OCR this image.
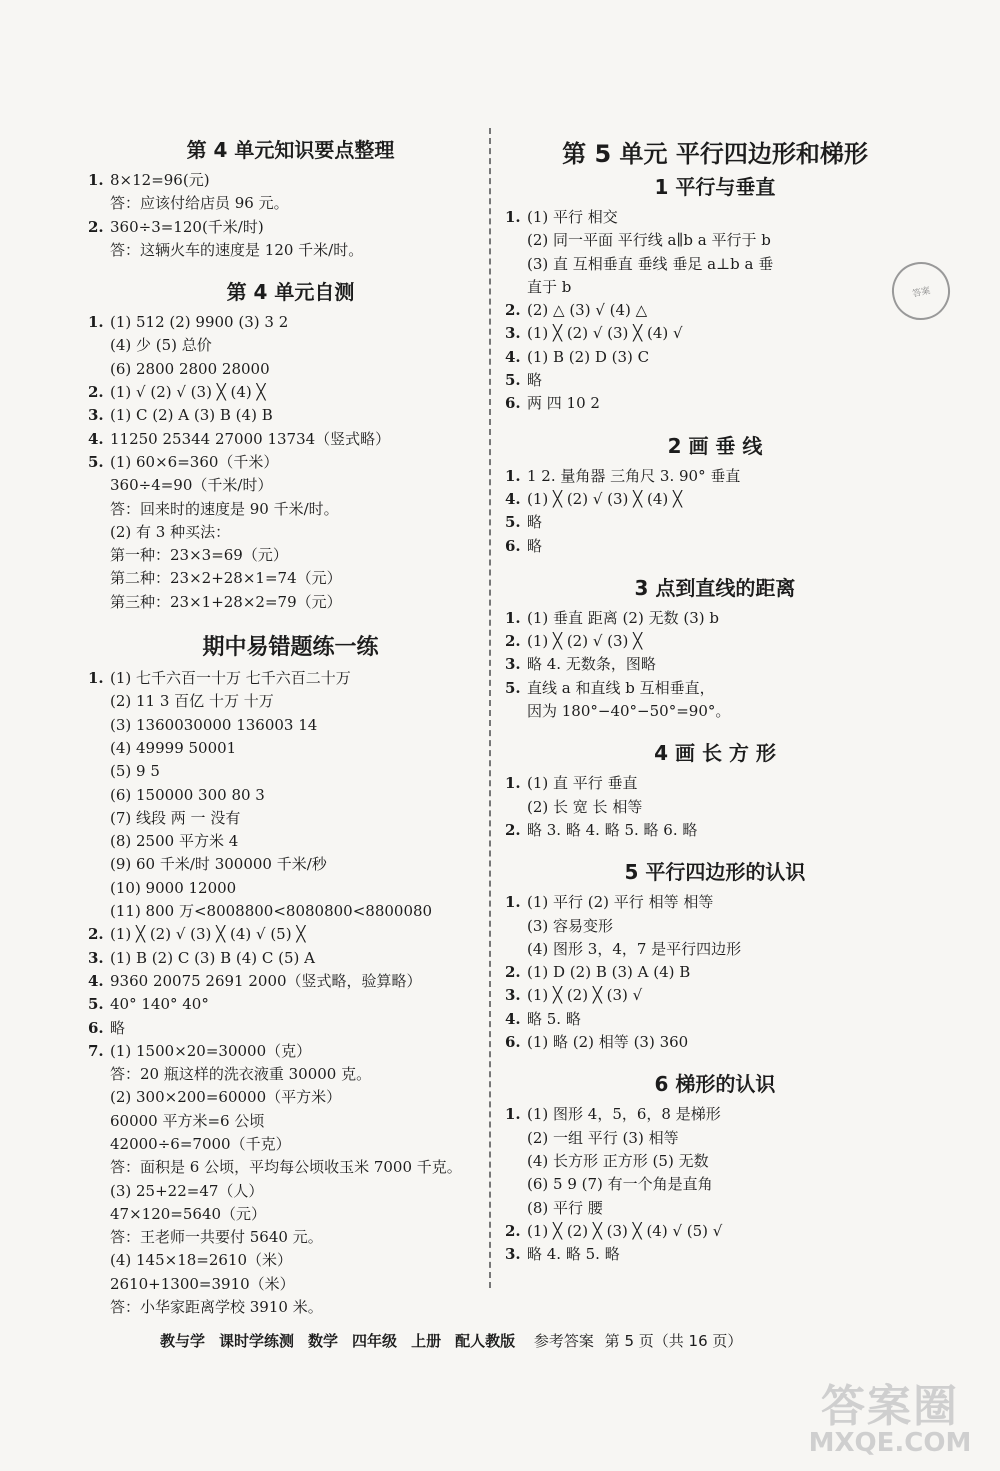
第 4 单元知识要点整理
1. 8×12=96(元)
答：应该付给店员 96 元。
2. 360÷3=120(千米/时)
答：这辆火车的速度是 120 千米/时。
第 4 单元自测
1. (1) 512 (2) 9900 (3) 3 2
(4) 少 (5) 总价
(6) 2800 2800 28000
2. (1) √ (2) √ (3) ╳ (4) ╳
3. (1) C (2) A (3) B (4) B
4. 11250 25344 27000 13734（竖式略）
5. (1) 60×6=360（千米）
360÷4=90（千米/时）
答：回来时的速度是 90 千米/时。
(2) 有 3 种买法：
第一种：23×3=69（元）
第二种：23×2+28×1=74（元）
第三种：23×1+28×2=79（元）
期中易错题练一练
1. (1) 七千六百一十万 七千六百二十万
(2) 11 3 百亿 十万 十万
(3) 1360030000 136003 14
(4) 49999 50001
(5) 9 5
(6) 150000 300 80 3
(7) 线段 两 一 没有
(8) 2500 平方米 4
(9) 60 千米/时 300000 千米/秒
(10) 9000 12000
(11) 800 万<8008800<8080800<8800080
2. (1) ╳ (2) √ (3) ╳ (4) √ (5) ╳
3. (1) B (2) C (3) B (4) C (5) A
4. 9360 20075 2691 2000（竖式略，验算略）
5. 40° 140° 40°
6. 略
7. (1) 1500×20=30000（克）
答：20 瓶这样的洗衣液重 30000 克。
(2) 300×200=60000（平方米）
60000 平方米=6 公顷
42000÷6=7000（千克）
答：面积是 6 公顷，平均每公顷收玉米 7000 千克。
(3) 25+22=47（人）
47×120=5640（元）
答：王老师一共要付 5640 元。
(4) 145×18=2610（米）
2610+1300=3910（米）
答：小华家距离学校 3910 米。
第 5 单元 平行四边形和梯形
1 平行与垂直
1. (1) 平行 相交
(2) 同一平面 平行线 a∥b a 平行于 b
(3) 直 互相垂直 垂线 垂足 a⊥b a 垂
直于 b
2. (2) △ (3) √ (4) △
3. (1) ╳ (2) √ (3) ╳ (4) √
4. (1) B (2) D (3) C
5. 略
6. 两 四 10 2
2 画 垂 线
1. 1 2. 量角器 三角尺 3. 90° 垂直
4. (1) ╳ (2) √ (3) ╳ (4) ╳
5. 略
6. 略
3 点到直线的距离
1. (1) 垂直 距离 (2) 无数 (3) b
2. (1) ╳ (2) √ (3) ╳
3. 略 4. 无数条，图略
5. 直线 a 和直线 b 互相垂直，
因为 180°−40°−50°=90°。
4 画 长 方 形
1. (1) 直 平行 垂直
(2) 长 宽 长 相等
2. 略 3. 略 4. 略 5. 略 6. 略
5 平行四边形的认识
1. (1) 平行 (2) 平行 相等 相等
(3) 容易变形
(4) 图形 3，4，7 是平行四边形
2. (1) D (2) B (3) A (4) B
3. (1) ╳ (2) ╳ (3) √
4. 略 5. 略
6. (1) 略 (2) 相等 (3) 360
6 梯形的认识
1. (1) 图形 4，5，6，8 是梯形
(2) 一组 平行 (3) 相等
(4) 长方形 正方形 (5) 无数
(6) 5 9 (7) 有一个角是直角
(8) 平行 腰
2. (1) ╳ (2) ╳ (3) ╳ (4) √ (5) √
3. 略 4. 略 5. 略
答案
教与学 课时学练测 数学 四年级 上册 配人教版 参考答案 第 5 页（共 16 页）
答案圈
MXQE.COM
